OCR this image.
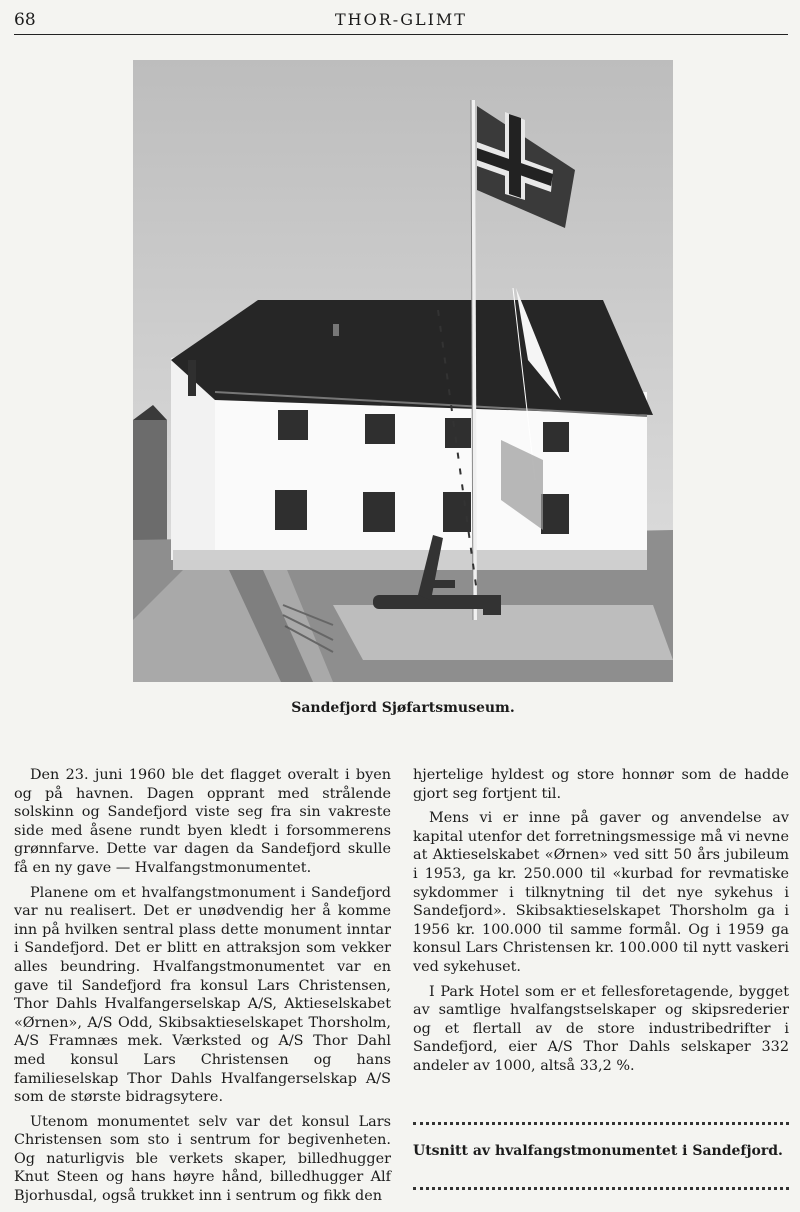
68	THOR-GLIMT
Sandefjord Sjøfartsmuseum.

Den 23. juni 1960 ble det flagget overalt i byen og på havnen. Dagen opprant med strålende solskinn og Sandefjord viste seg fra sin vakreste side med åsene rundt byen kledt i forsommerens grønnfarve. Dette var dagen da Sandefjord skulle få en ny gave — Hvalfangstmonumentet.

Planene om et hvalfangstmonument i Sandefjord var nu realisert. Det er unødvendig her å komme inn på hvilken sentral plass dette monument inntar i Sandefjord. Det er blitt en attraksjon som vekker alles beundring. Hvalfangstmonumentet var en gave til Sandefjord fra konsul Lars Christensen, Thor Dahls Hvalfangerselskap A/S, Aktieselskabet «Ørnen», A/S Odd, Skibsaktieselskapet Thorsholm, A/S Framnæs mek. Værksted og A/S Thor Dahl med konsul Lars Christensen og hans familieselskap Thor Dahls Hvalfangerselskap A/S som de største bidragsytere.

Utenom monumentet selv var det konsul Lars Christensen som sto i sentrum for begivenheten. Og naturligvis ble verkets skaper, billedhugger Knut Steen og hans høyre hånd, billedhugger Alf Bjorhusdal, også trukket inn i sentrum og fikk den

hjertelige hyldest og store honnør som de hadde gjort seg fortjent til.

Mens vi er inne på gaver og anvendelse av kapital utenfor det forretningsmessige må vi nevne at Aktieselskabet «Ørnen» ved sitt 50 års jubileum i 1953, ga kr. 250.000 til «kurbad for revmatiske sykdommer i tilknytning til det nye sykehus i Sandefjord». Skibsaktieselskapet Thorsholm ga i 1956 kr. 100.000 til samme formål. Og i 1959 ga konsul Lars Christensen kr. 100.000 til nytt vaskeri ved sykehuset.

I Park Hotel som er et fellesforetagende, bygget av samtlige hvalfangstselskaper og skipsrederier og et flertall av de store industribedrifter i Sandefjord, eier A/S Thor Dahls selskaper 332 andeler av 1000, altså 33,2 %.

Utsnitt av hvalfangstmonumentet i Sandefjord.
